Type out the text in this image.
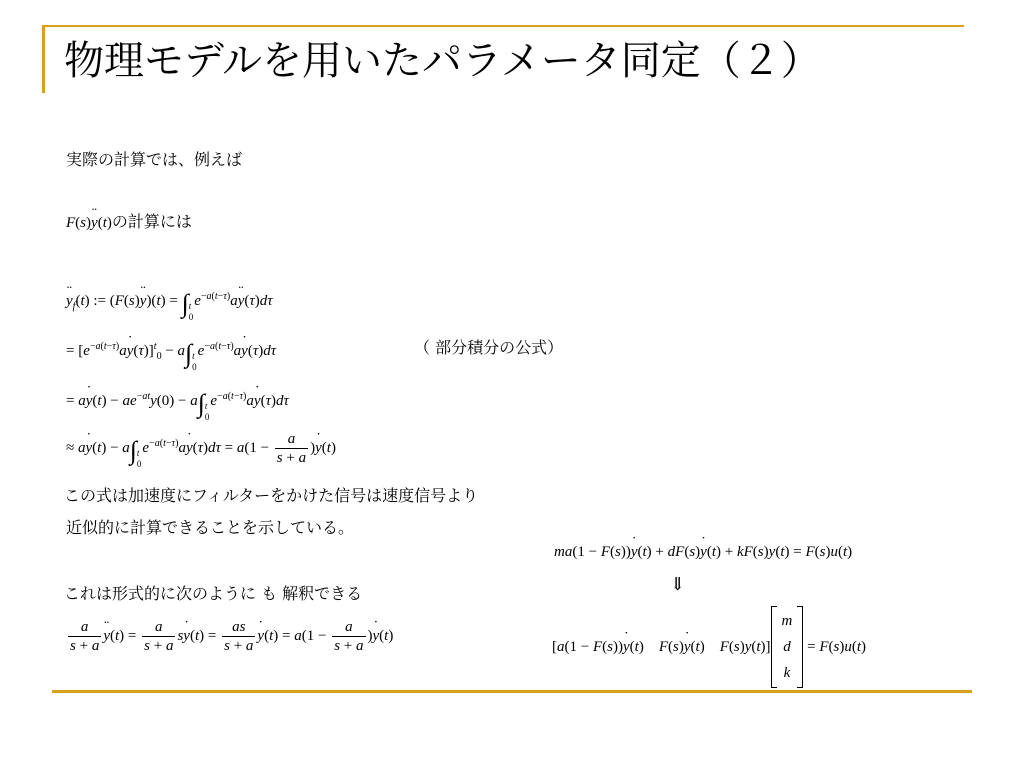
物理モデルを用いたパラメータ同定（２）
実際の計算では、例えば
F(s)¨ y(t)の計算には
¨ $y_f(t)$ := (F(s)¨ y)(t) = ∫ t
0
$e^{-a(t-\tau)}a¨$ y(τ)dτ
= [$e^{-a(t-\tau)}a˙$ y(τ)]$^t_0$ − a∫ t
0
$e^{-a(t-\tau)}a˙$ y(τ)dτ	（ 部分積分の公式）
= a˙ $y(t) - ae^{-at}y(0) - a\int$ t
0
$e^{-a(t-\tau)}a˙$ y(τ)dτ
≈ a˙ y(t) − a∫ t
0
$e^{-a(t-\tau)}a˙$ $y(\tau)d\tau = a(1 - \frac{a}{s + a}$ )˙ y(t)
この式は加速度にフィルターをかけた信号は速度信号より
近似的に計算できることを示している。
ma(1 − F(s))˙ y(t) + dF(s)˙ y(t) + kF(s)y(t) = F(s)u(t)
⇓
これは形式的に次のように も 解釈できる
$\frac{a}{s + a}$ ¨ $y(t) = \frac{a}{s + a}$ s˙ $y(t) = \frac{as}{s + a}$ ˙ $y(t) = a(1 - \frac{a}{s + a}$ )˙ y(t)
[a(1 − F(s))˙ y(t)    F(s)˙ y(t)    F(s)y(t)]
m
d
k
= F(s)u(t)
